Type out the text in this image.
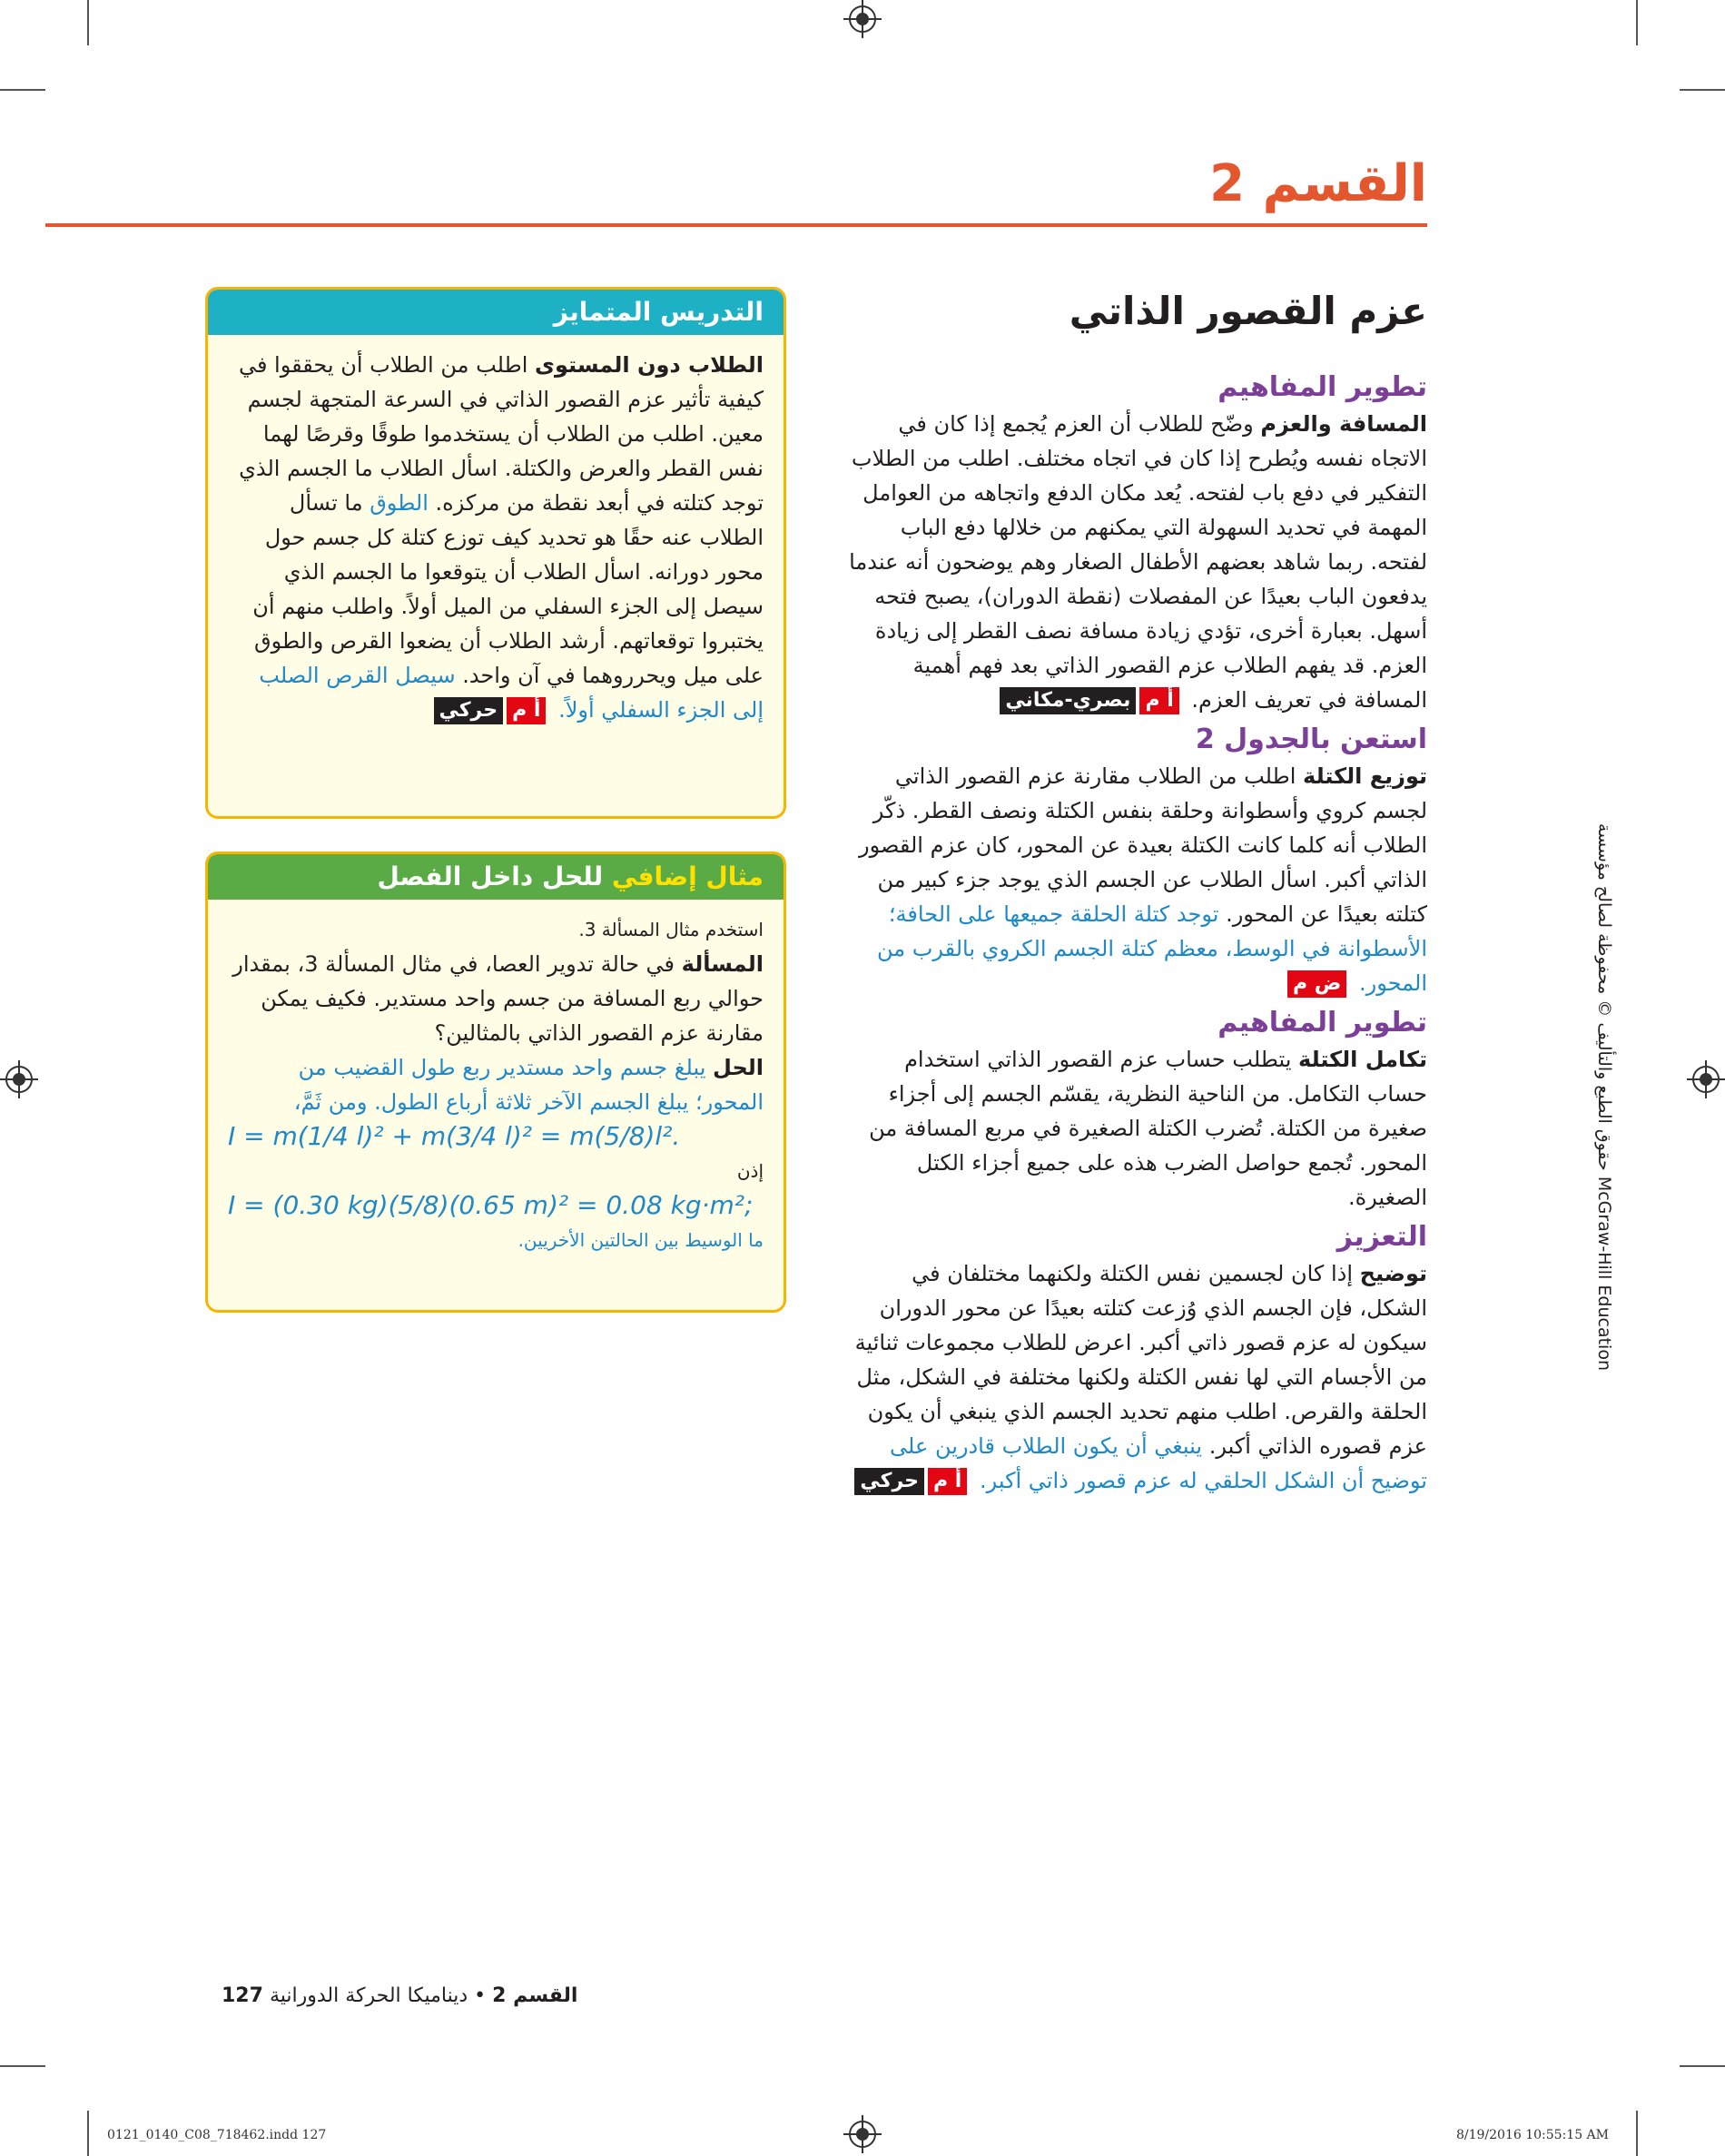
القسم 2
عزم القصور الذاتي
تطوير المفاهيم
المسافة والعزم وضّح للطلاب أن العزم يُجمع إذا كان في الاتجاه نفسه ويُطرح إذا كان في اتجاه مختلف. اطلب من الطلاب التفكير في دفع باب لفتحه. يُعد مكان الدفع واتجاهه من العوامل المهمة في تحديد السهولة التي يمكنهم من خلالها دفع الباب لفتحه. ربما شاهد بعضهم الأطفال الصغار وهم يوضحون أنه عندما يدفعون الباب بعيدًا عن المفصلات (نقطة الدوران)، يصبح فتحه أسهل. بعبارة أخرى، تؤدي زيادة مسافة نصف القطر إلى زيادة العزم. قد يفهم الطلاب عزم القصور الذاتي بعد فهم أهمية المسافة في تعريف العزم.
أ م
بصري-مكاني
استعن بالجدول 2
توزيع الكتلة اطلب من الطلاب مقارنة عزم القصور الذاتي لجسم كروي وأسطوانة وحلقة بنفس الكتلة ونصف القطر. ذكّر الطلاب أنه كلما كانت الكتلة بعيدة عن المحور، كان عزم القصور الذاتي أكبر. اسأل الطلاب عن الجسم الذي يوجد جزء كبير من كتلته بعيدًا عن المحور. توجد كتلة الحلقة جميعها على الحافة؛ الأسطوانة في الوسط، معظم كتلة الجسم الكروي بالقرب من المحور.
ض م
تطوير المفاهيم
تكامل الكتلة يتطلب حساب عزم القصور الذاتي استخدام حساب التكامل. من الناحية النظرية، يقسّم الجسم إلى أجزاء صغيرة من الكتلة. تُضرب الكتلة الصغيرة في مربع المسافة من المحور. تُجمع حواصل الضرب هذه على جميع أجزاء الكتل الصغيرة.
التعزيز
توضيح إذا كان لجسمين نفس الكتلة ولكنهما مختلفان في الشكل، فإن الجسم الذي وُزعت كتلته بعيدًا عن محور الدوران سيكون له عزم قصور ذاتي أكبر. اعرض للطلاب مجموعات ثنائية من الأجسام التي لها نفس الكتلة ولكنها مختلفة في الشكل، مثل الحلقة والقرص. اطلب منهم تحديد الجسم الذي ينبغي أن يكون عزم قصوره الذاتي أكبر. ينبغي أن يكون الطلاب قادرين على توضيح أن الشكل الحلقي له عزم قصور ذاتي أكبر.
أ م
حركي
التدريس المتمايز
الطلاب دون المستوى اطلب من الطلاب أن يحققوا في كيفية تأثير عزم القصور الذاتي في السرعة المتجهة لجسم معين. اطلب من الطلاب أن يستخدموا طوقًا وقرصًا لهما نفس القطر والعرض والكتلة. اسأل الطلاب ما الجسم الذي توجد كتلته في أبعد نقطة من مركزه. الطوق ما تسأل الطلاب عنه حقًا هو تحديد كيف توزع كتلة كل جسم حول محور دورانه. اسأل الطلاب أن يتوقعوا ما الجسم الذي سيصل إلى الجزء السفلي من الميل أولاً. واطلب منهم أن يختبروا توقعاتهم. أرشد الطلاب أن يضعوا القرص والطوق على ميل ويحرروهما في آن واحد. سيصل القرص الصلب إلى الجزء السفلي أولاً.
أ م
حركي
مثال إضافي للحل داخل الفصل
استخدم مثال المسألة 3.
المسألة في حالة تدوير العصا، في مثال المسألة 3، بمقدار حوالي ربع المسافة من جسم واحد مستدير. فكيف يمكن مقارنة عزم القصور الذاتي بالمثالين؟
الحل يبلغ جسم واحد مستدير ربع طول القضيب من المحور؛ يبلغ الجسم الآخر ثلاثة أرباع الطول. ومن ثَمَّ،
I = m(1/4 l)² + m(3/4 l)² = m(5/8)l².
إذن
I = (0.30 kg)(5/8)(0.65 m)² = 0.08 kg·m²;
ما الوسيط بين الحالتين الأخريين.
حقوق الطبع والتأليف © محفوظة لصالح مؤسسة McGraw-Hill Education
القسم 2 • ديناميكا الحركة الدورانية 127
0121_0140_C08_718462.indd 127	8/19/2016 10:55:15 AM
